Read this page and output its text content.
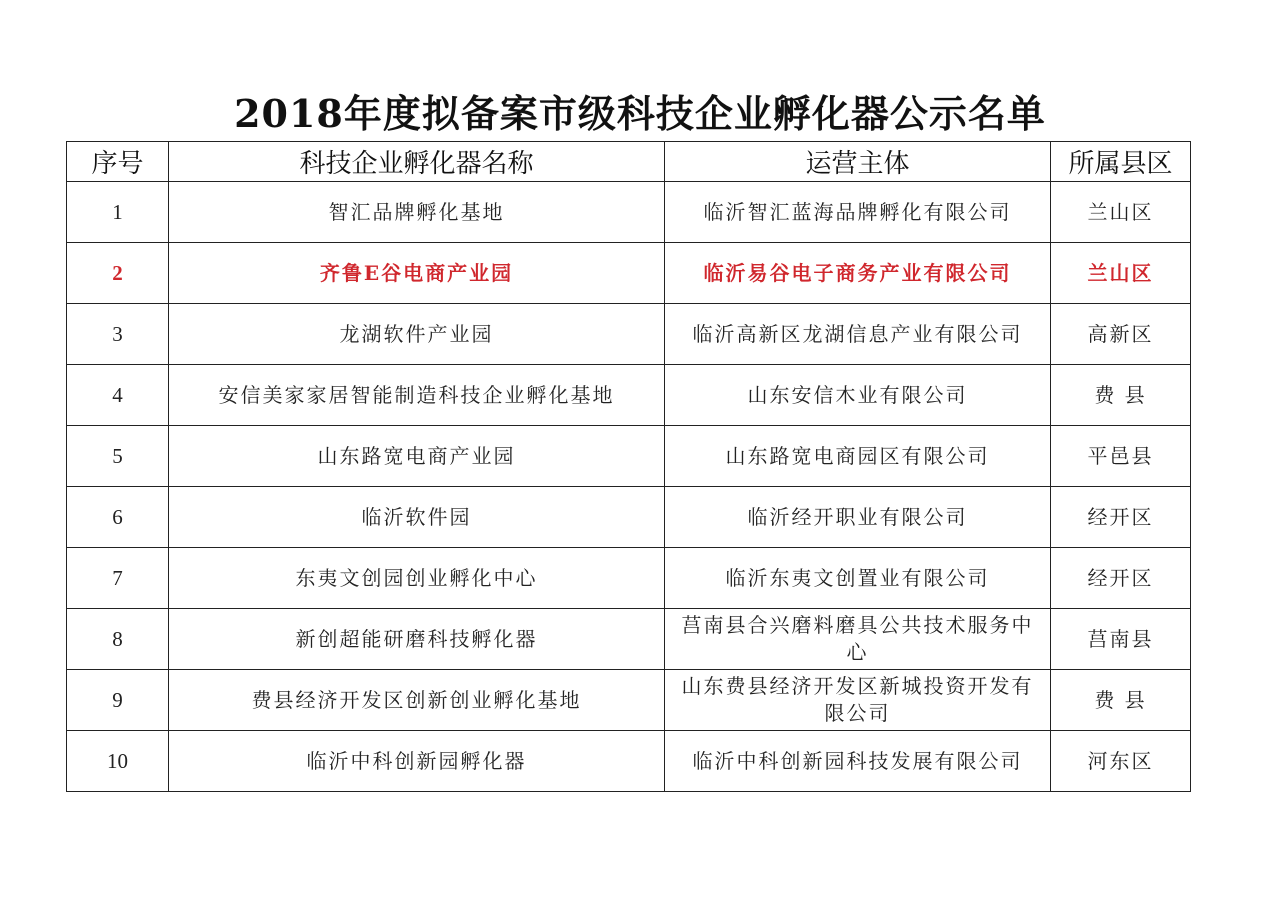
2018年度拟备案市级科技企业孵化器公示名单
序号	科技企业孵化器名称	运营主体	所属县区
1	智汇品牌孵化基地	临沂智汇蓝海品牌孵化有限公司	兰山区
2	齐鲁E谷电商产业园	临沂易谷电子商务产业有限公司	兰山区
3	龙湖软件产业园	临沂高新区龙湖信息产业有限公司	高新区
4	安信美家家居智能制造科技企业孵化基地	山东安信木业有限公司	费 县
5	山东路宽电商产业园	山东路宽电商园区有限公司	平邑县
6	临沂软件园	临沂经开职业有限公司	经开区
7	东夷文创园创业孵化中心	临沂东夷文创置业有限公司	经开区
8	新创超能研磨科技孵化器	莒南县合兴磨料磨具公共技术服务中心	莒南县
9	费县经济开发区创新创业孵化基地	山东费县经济开发区新城投资开发有限公司	费 县
10	临沂中科创新园孵化器	临沂中科创新园科技发展有限公司	河东区
